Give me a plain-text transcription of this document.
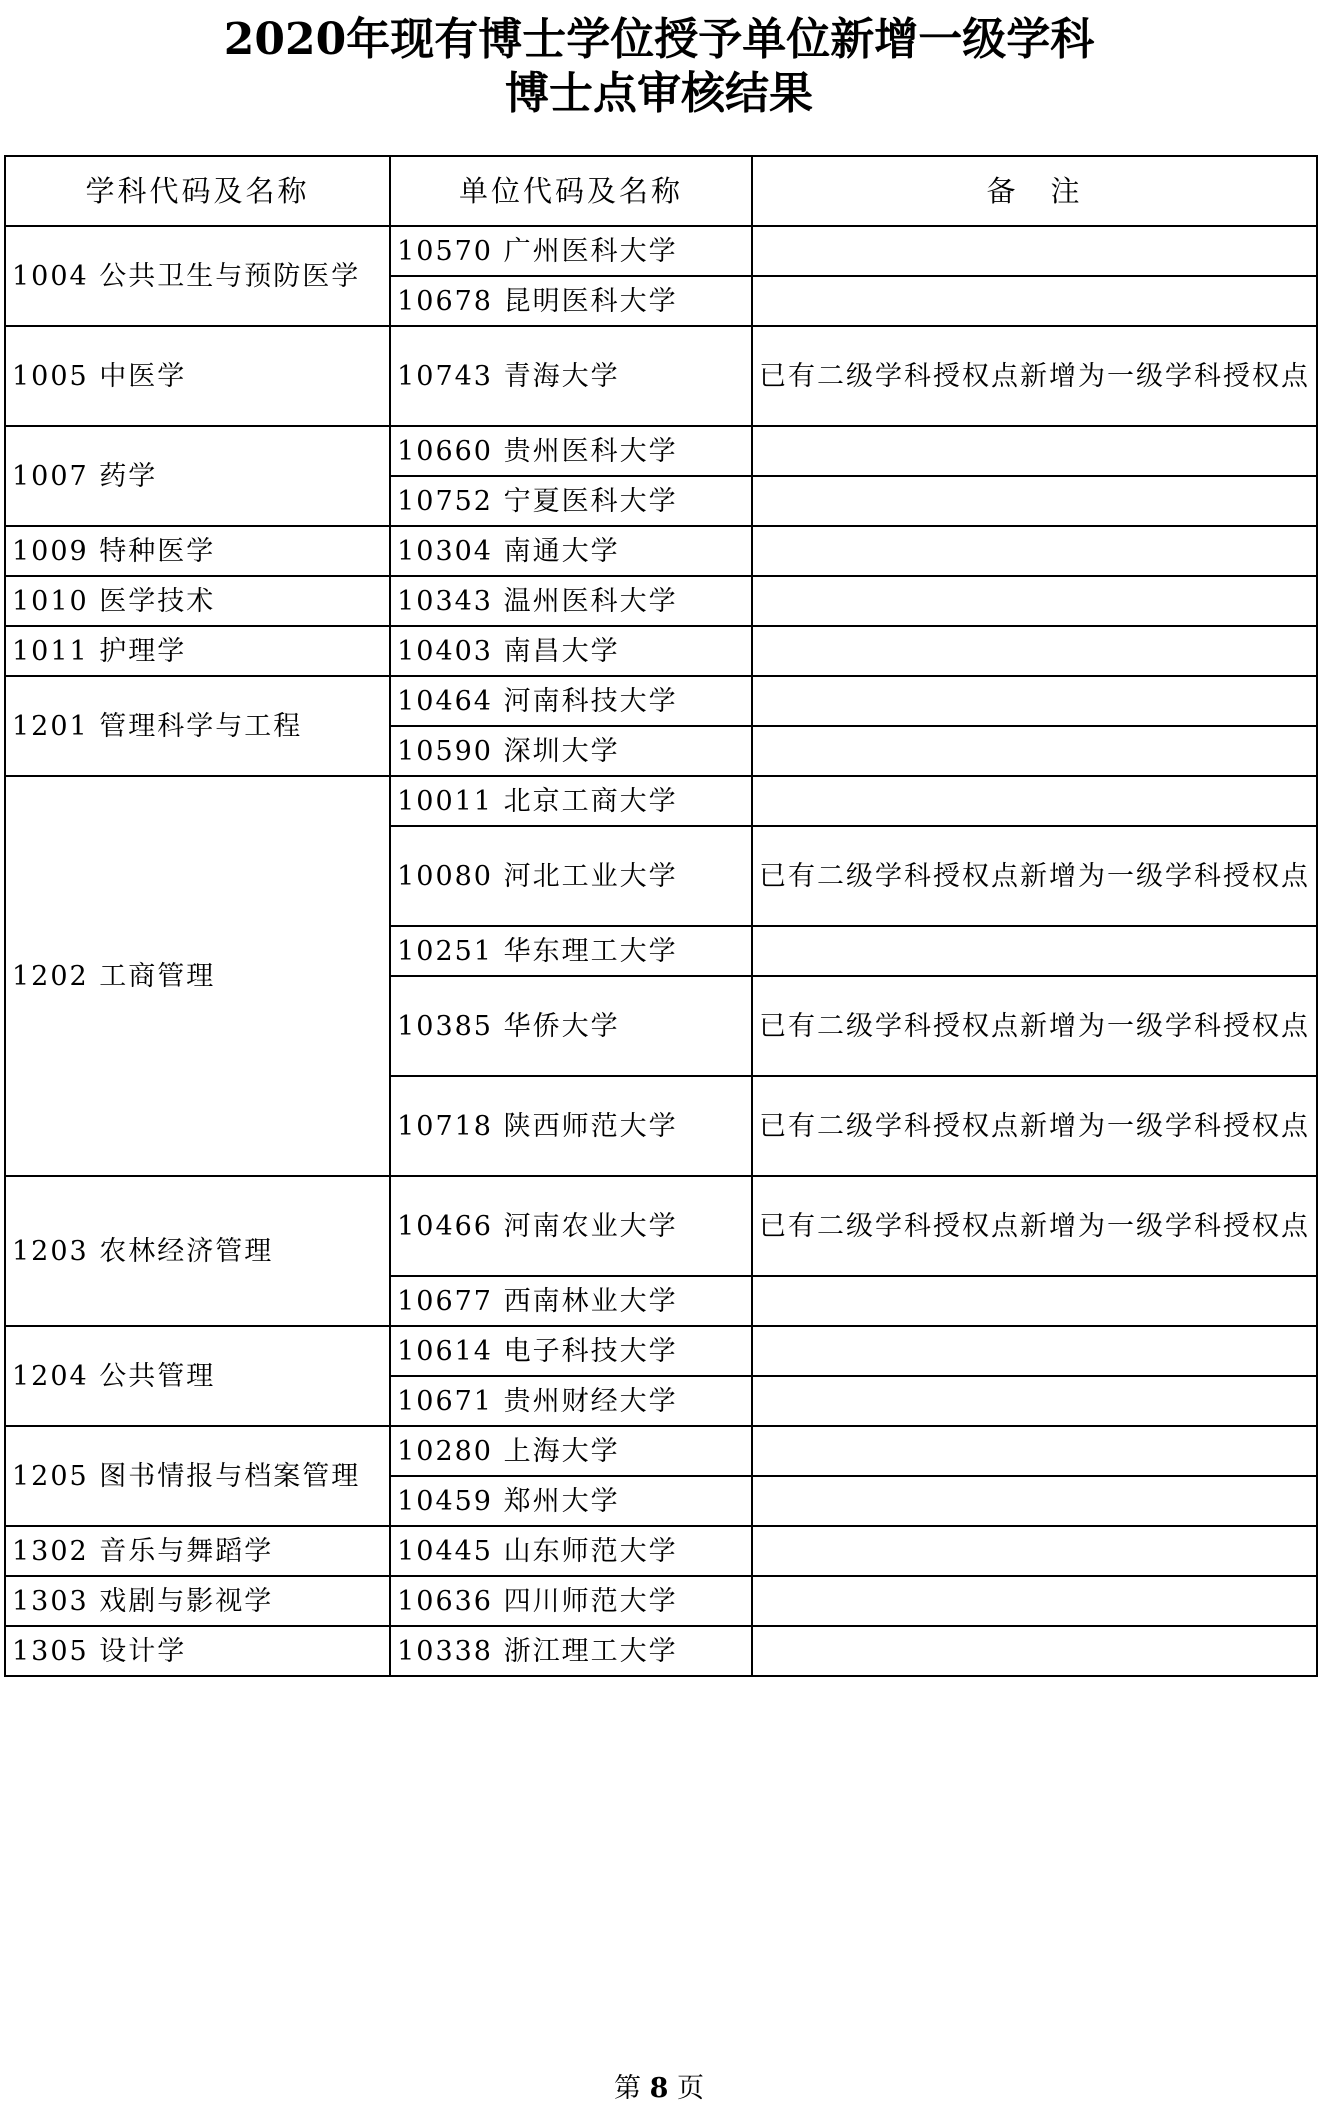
2020年现有博士学位授予单位新增一级学科
博士点审核结果
学科代码及名称	单位代码及名称	备　注
1004 公共卫生与预防医学	10570 广州医科大学	
	10678 昆明医科大学	
1005 中医学	10743 青海大学	已有二级学科授权点新增为一级学科授权点
1007 药学	10660 贵州医科大学	
	10752 宁夏医科大学	
1009 特种医学	10304 南通大学	
1010 医学技术	10343 温州医科大学	
1011 护理学	10403 南昌大学	
1201 管理科学与工程	10464 河南科技大学	
	10590 深圳大学	
1202 工商管理	10011 北京工商大学	
	10080 河北工业大学	已有二级学科授权点新增为一级学科授权点
	10251 华东理工大学	
	10385 华侨大学	已有二级学科授权点新增为一级学科授权点
	10718 陕西师范大学	已有二级学科授权点新增为一级学科授权点
1203 农林经济管理	10466 河南农业大学	已有二级学科授权点新增为一级学科授权点
	10677 西南林业大学	
1204 公共管理	10614 电子科技大学	
	10671 贵州财经大学	
1205 图书情报与档案管理	10280 上海大学	
	10459 郑州大学	
1302 音乐与舞蹈学	10445 山东师范大学	
1303 戏剧与影视学	10636 四川师范大学	
1305 设计学	10338 浙江理工大学	
第 8 页
